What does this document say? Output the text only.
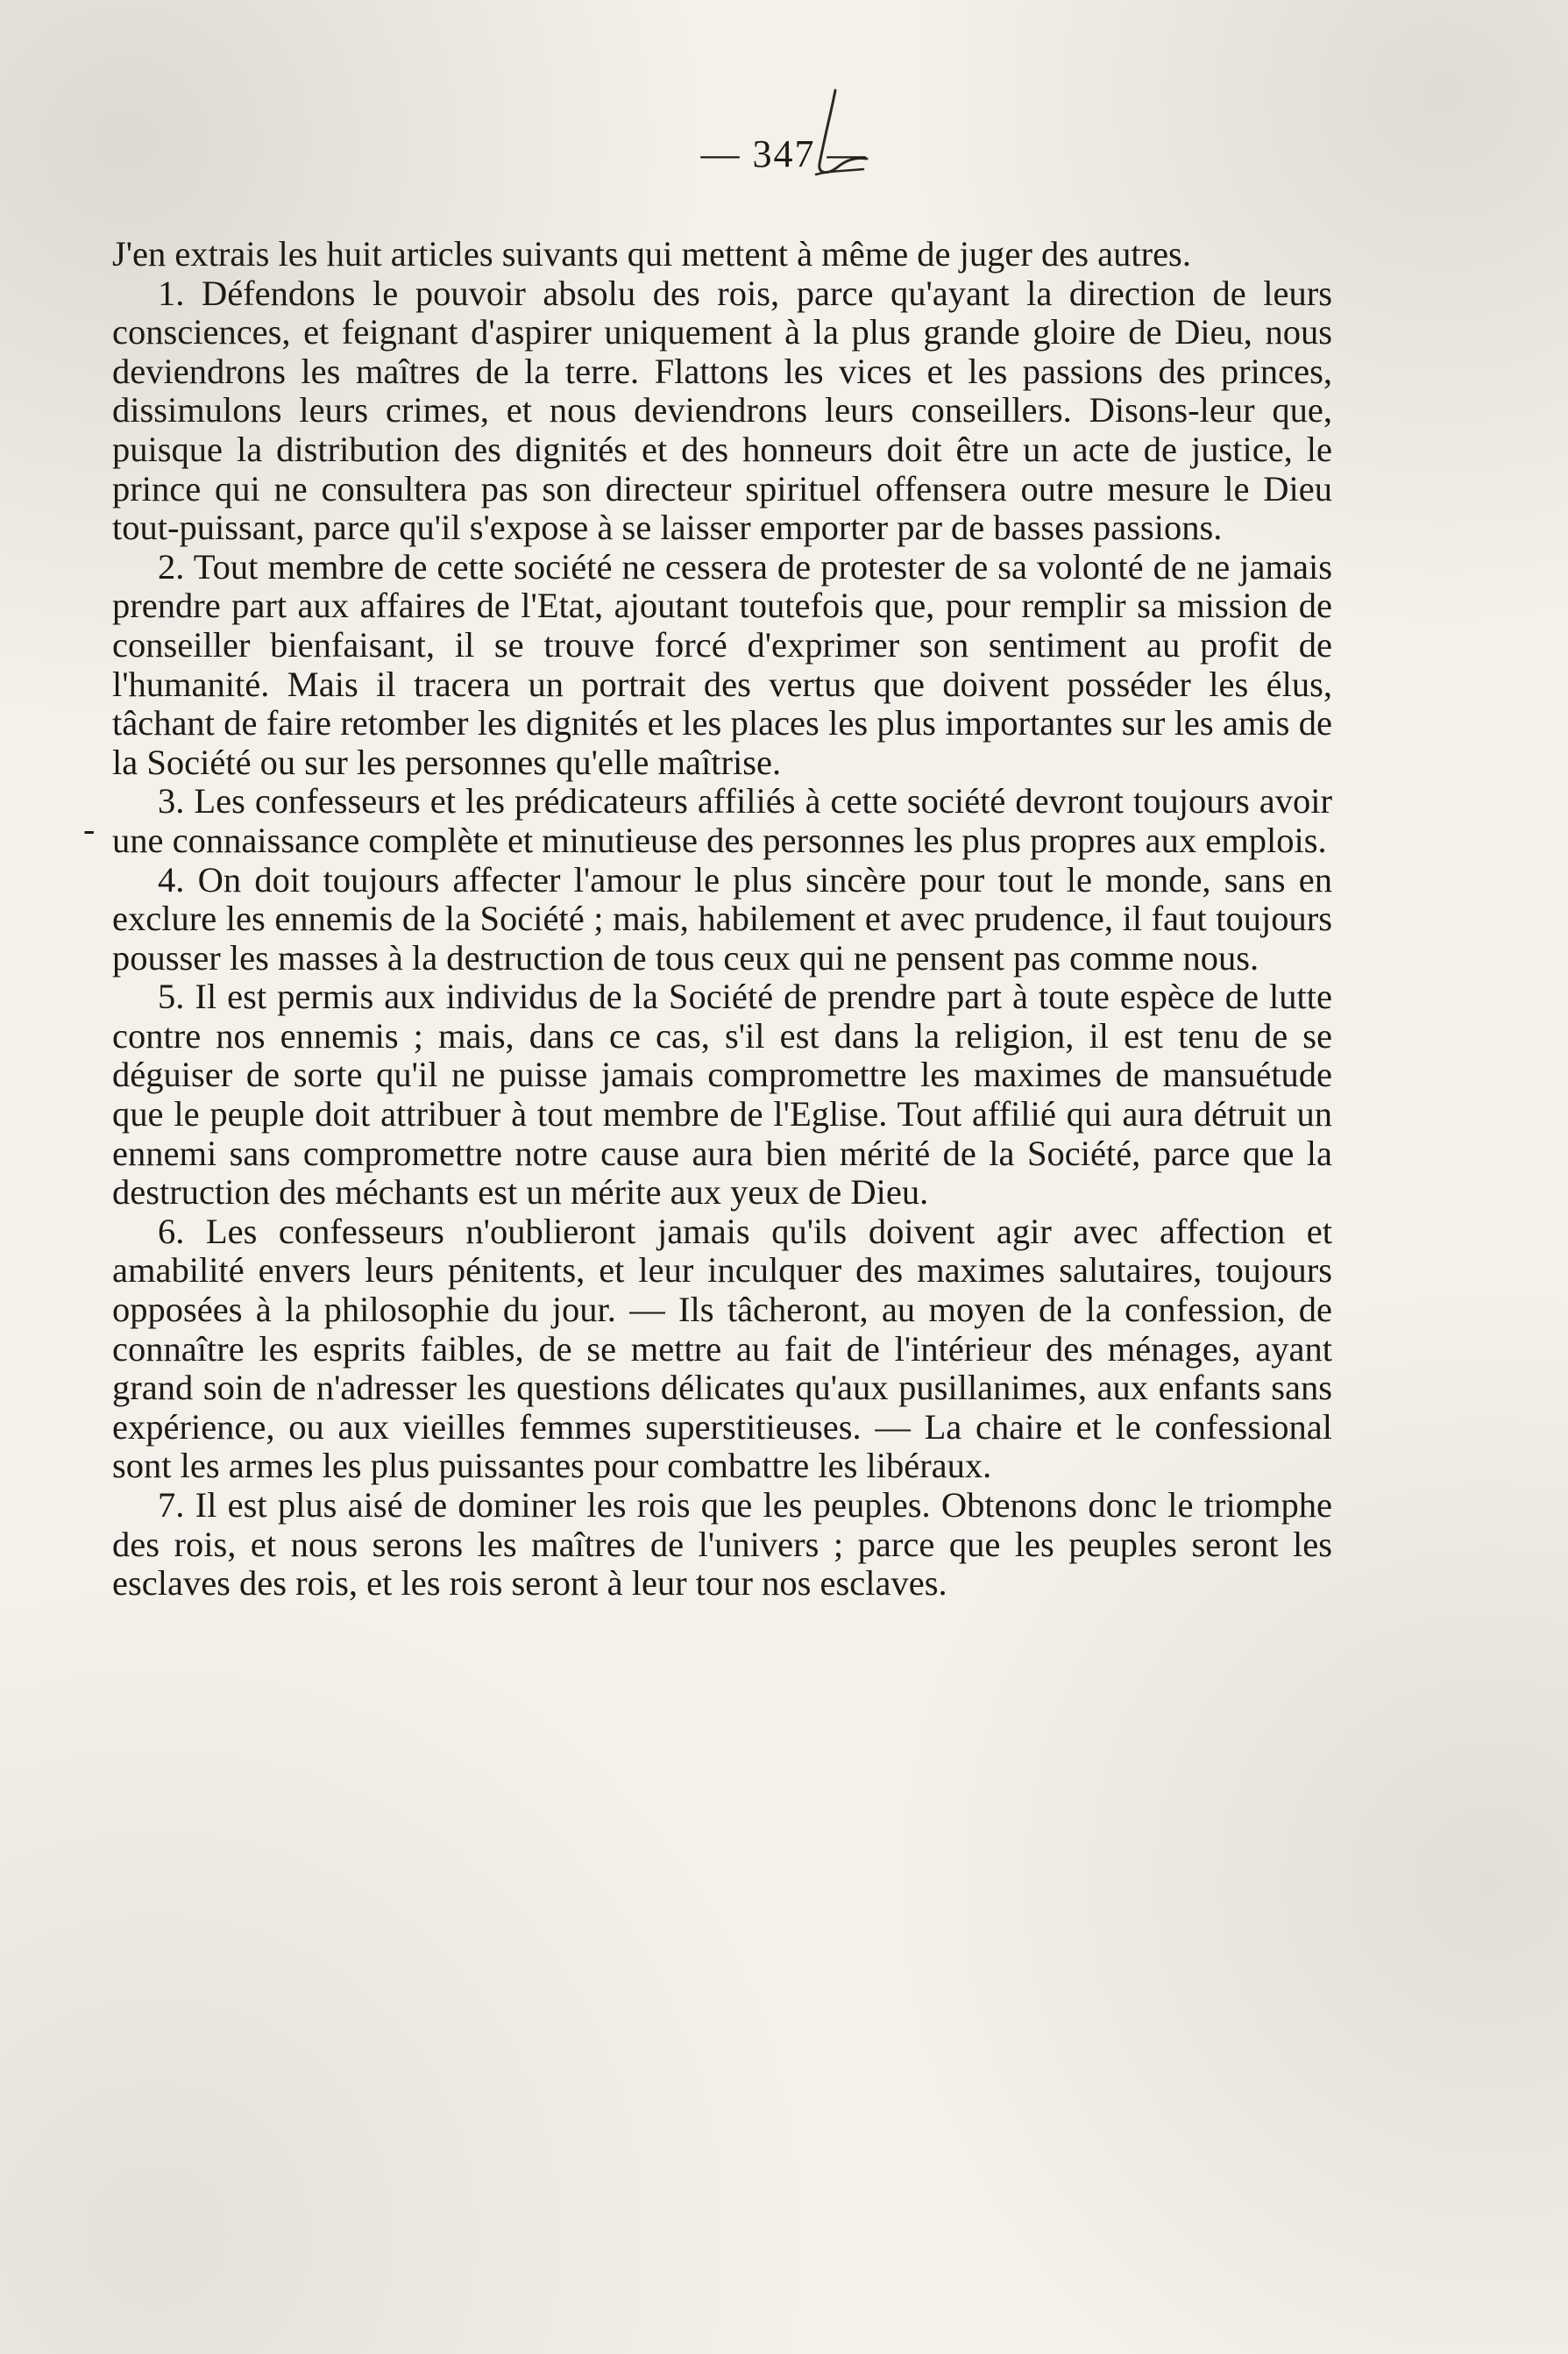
— 347 —
-

J'en extrais les huit articles suivants qui mettent à même de juger des autres.

1. Défendons le pouvoir absolu des rois, parce qu'ayant la direction de leurs consciences, et feignant d'aspirer uniquement à la plus grande gloire de Dieu, nous deviendrons les maîtres de la terre. Flattons les vices et les passions des princes, dissimulons leurs crimes, et nous deviendrons leurs conseillers. Disons-leur que, puisque la distribution des dignités et des honneurs doit être un acte de justice, le prince qui ne consultera pas son directeur spirituel offensera outre mesure le Dieu tout-puissant, parce qu'il s'expose à se laisser emporter par de basses passions.

2. Tout membre de cette société ne cessera de protester de sa volonté de ne jamais prendre part aux affaires de l'Etat, ajoutant toutefois que, pour remplir sa mission de conseiller bienfaisant, il se trouve forcé d'exprimer son sentiment au profit de l'humanité. Mais il tracera un portrait des vertus que doivent posséder les élus, tâchant de faire retomber les dignités et les places les plus importantes sur les amis de la Société ou sur les personnes qu'elle maîtrise.

3. Les confesseurs et les prédicateurs affiliés à cette société devront toujours avoir une connaissance complète et minutieuse des personnes les plus propres aux emplois.

4. On doit toujours affecter l'amour le plus sincère pour tout le monde, sans en exclure les ennemis de la Société ; mais, habilement et avec prudence, il faut toujours pousser les masses à la destruction de tous ceux qui ne pensent pas comme nous.

5. Il est permis aux individus de la Société de prendre part à toute espèce de lutte contre nos ennemis ; mais, dans ce cas, s'il est dans la religion, il est tenu de se déguiser de sorte qu'il ne puisse jamais compromettre les maximes de mansuétude que le peuple doit attribuer à tout membre de l'Eglise. Tout affilié qui aura détruit un ennemi sans compromettre notre cause aura bien mérité de la Société, parce que la destruction des méchants est un mérite aux yeux de Dieu.

6. Les confesseurs n'oublieront jamais qu'ils doivent agir avec affection et amabilité envers leurs pénitents, et leur inculquer des maximes salutaires, toujours opposées à la philosophie du jour. — Ils tâcheront, au moyen de la confession, de connaître les esprits faibles, de se mettre au fait de l'intérieur des ménages, ayant grand soin de n'adresser les questions délicates qu'aux pusillanimes, aux enfants sans expérience, ou aux vieilles femmes superstitieuses. — La chaire et le confessional sont les armes les plus puissantes pour combattre les libéraux.

7. Il est plus aisé de dominer les rois que les peuples. Obtenons donc le triomphe des rois, et nous serons les maîtres de l'univers ; parce que les peuples seront les esclaves des rois, et les rois seront à leur tour nos esclaves.
